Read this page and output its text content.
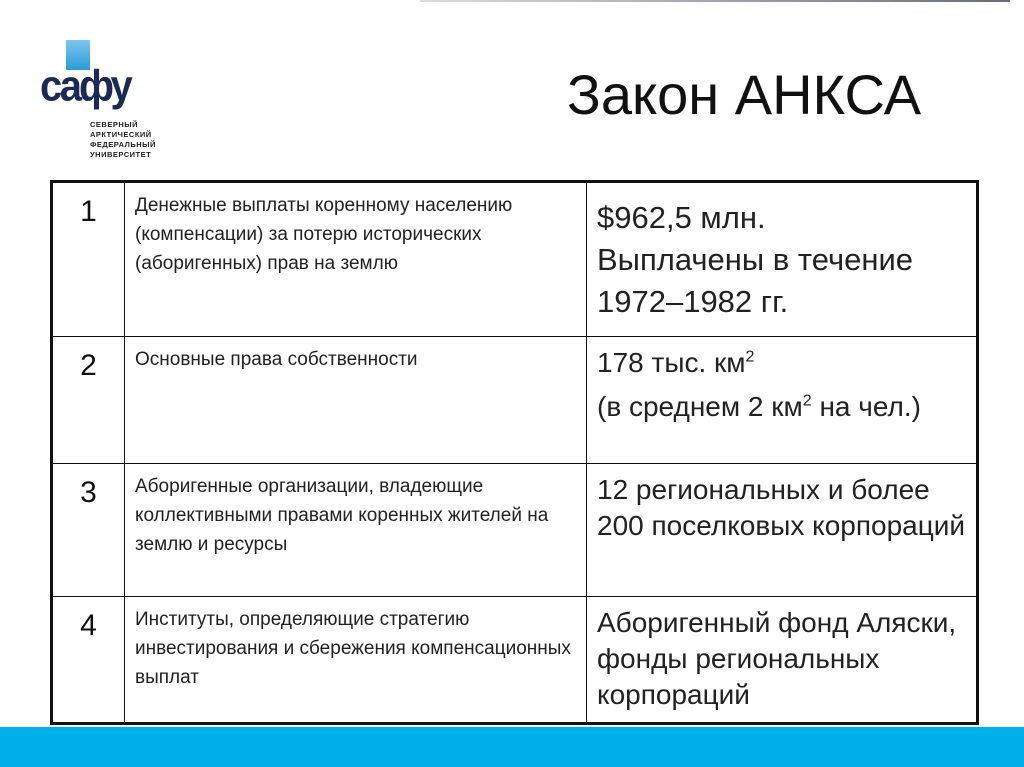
сафу
СЕВЕРНЫЙ
АРКТИЧЕСКИЙ
ФЕДЕРАЛЬНЫЙ
УНИВЕРСИТЕТ
Закон АНКСА
1	Денежные выплаты коренному населению (компенсации) за потерю исторических (аборигенных) прав на землю	$962,5 млн.
Выплачены в течение
1972–1982 гг.

2	Основные права собственности	178 тыс. $км^2$
(в среднем 2 $км^2$ на чел.)

3	Аборигенные организации, владеющие коллективными правами коренных жителей на землю и ресурсы	12 региональных и более 200 поселковых корпораций
4	Институты, определяющие стратегию инвестирования и сбережения компенсационных выплат	Аборигенный фонд Аляски, фонды региональных корпораций
